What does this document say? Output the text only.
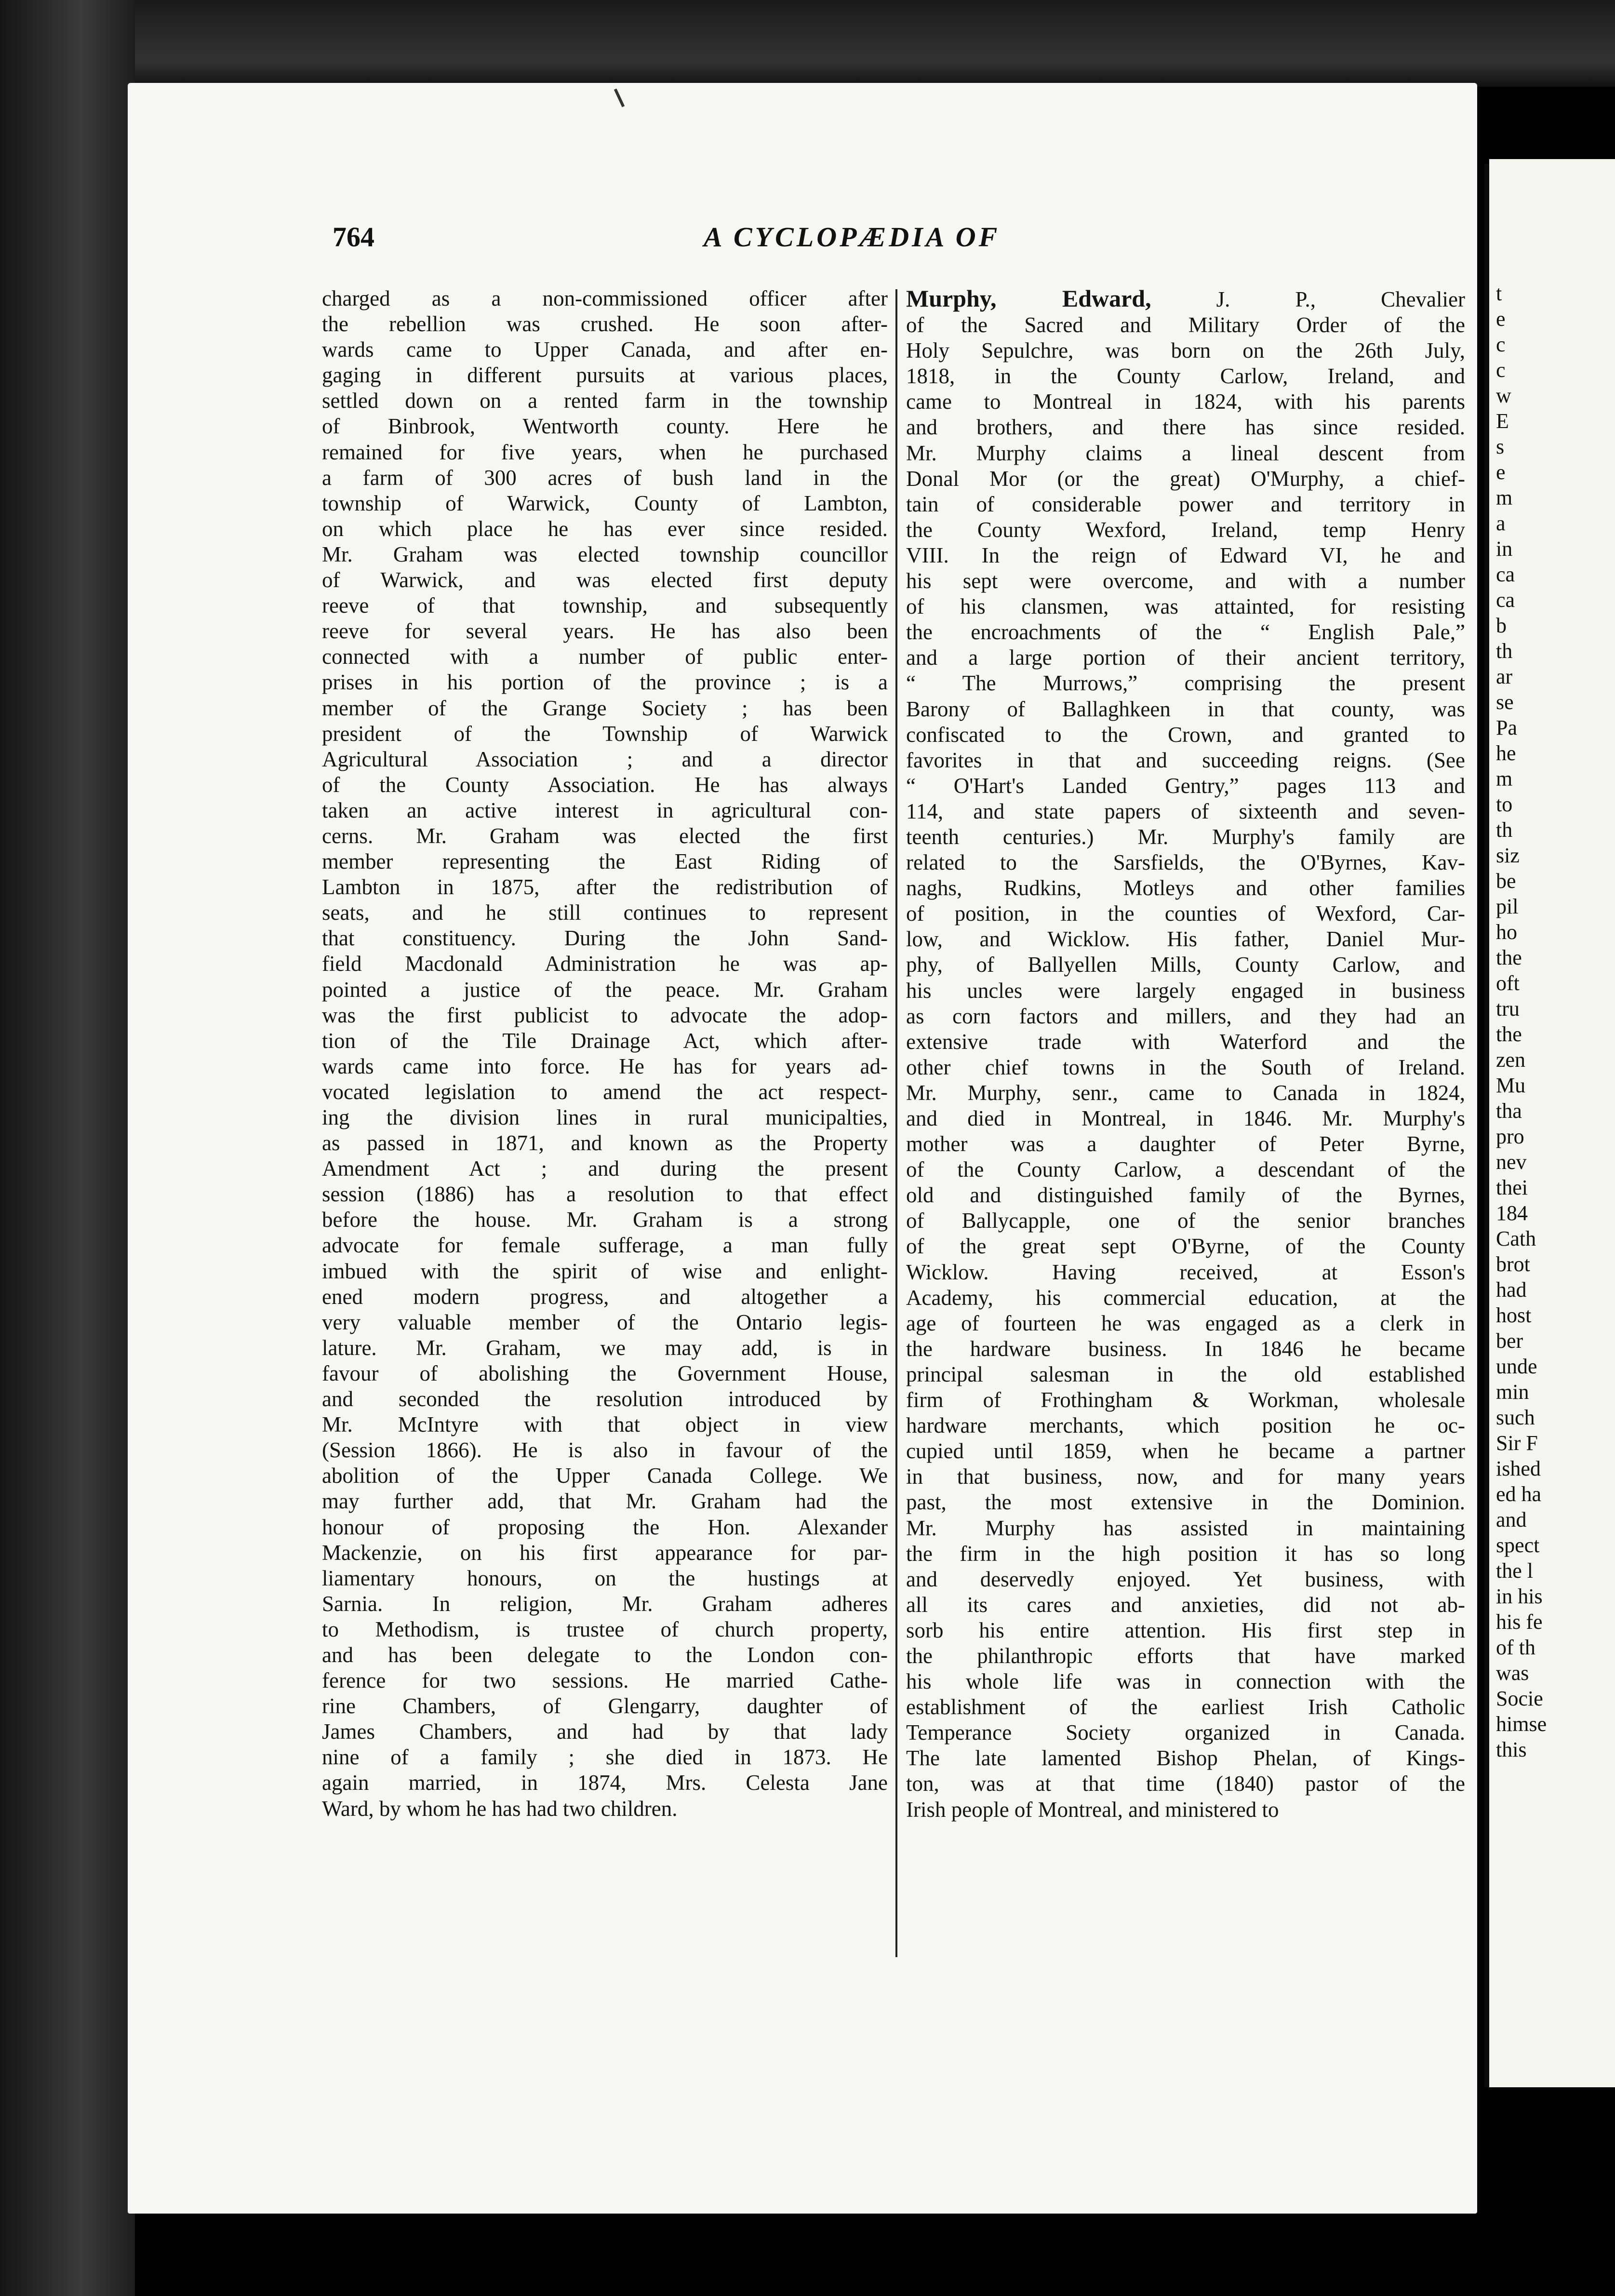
764	A CYCLOPÆDIA OF
charged as a non-commissioned officer after
the rebellion was crushed. He soon after-
wards came to Upper Canada, and after en-
gaging in different pursuits at various places,
settled down on a rented farm in the township
of Binbrook, Wentworth county. Here he
remained for five years, when he purchased
a farm of 300 acres of bush land in the
township of Warwick, County of Lambton,
on which place he has ever since resided.
Mr. Graham was elected township councillor
of Warwick, and was elected first deputy
reeve of that township, and subsequently
reeve for several years. He has also been
connected with a number of public enter-
prises in his portion of the province ; is a
member of the Grange Society ; has been
president of the Township of Warwick
Agricultural Association ; and a director
of the County Association. He has always
taken an active interest in agricultural con-
cerns. Mr. Graham was elected the first
member representing the East Riding of
Lambton in 1875, after the redistribution of
seats, and he still continues to represent
that constituency. During the John Sand-
field Macdonald Administration he was ap-
pointed a justice of the peace. Mr. Graham
was the first publicist to advocate the adop-
tion of the Tile Drainage Act, which after-
wards came into force. He has for years ad-
vocated legislation to amend the act respect-
ing the division lines in rural municipalties,
as passed in 1871, and known as the Property
Amendment Act ; and during the present
session (1886) has a resolution to that effect
before the house. Mr. Graham is a strong
advocate for female sufferage, a man fully
imbued with the spirit of wise and enlight-
ened modern progress, and altogether a
very valuable member of the Ontario legis-
lature. Mr. Graham, we may add, is in
favour of abolishing the Government House,
and seconded the resolution introduced by
Mr. McIntyre with that object in view
(Session 1866). He is also in favour of the
abolition of the Upper Canada College. We
may further add, that Mr. Graham had the
honour of proposing the Hon. Alexander
Mackenzie, on his first appearance for par-
liamentary honours, on the hustings at
Sarnia. In religion, Mr. Graham adheres
to Methodism, is trustee of church property,
and has been delegate to the London con-
ference for two sessions. He married Cathe-
rine Chambers, of Glengarry, daughter of
James Chambers, and had by that lady
nine of a family ; she died in 1873. He
again married, in 1874, Mrs. Celesta Jane
Ward, by whom he has had two children.
Murphy, Edward, J. P., Chevalier
of the Sacred and Military Order of the
Holy Sepulchre, was born on the 26th July,
1818, in the County Carlow, Ireland, and
came to Montreal in 1824, with his parents
and brothers, and there has since resided.
Mr. Murphy claims a lineal descent from
Donal Mor (or the great) O'Murphy, a chief-
tain of considerable power and territory in
the County Wexford, Ireland, temp Henry
VIII. In the reign of Edward VI, he and
his sept were overcome, and with a number
of his clansmen, was attainted, for resisting
the encroachments of the “ English Pale,”
and a large portion of their ancient territory,
“ The Murrows,” comprising the present
Barony of Ballaghkeen in that county, was
confiscated to the Crown, and granted to
favorites in that and succeeding reigns. (See
“ O'Hart's Landed Gentry,” pages 113 and
114, and state papers of sixteenth and seven-
teenth centuries.) Mr. Murphy's family are
related to the Sarsfields, the O'Byrnes, Kav-
naghs, Rudkins, Motleys and other families
of position, in the counties of Wexford, Car-
low, and Wicklow. His father, Daniel Mur-
phy, of Ballyellen Mills, County Carlow, and
his uncles were largely engaged in business
as corn factors and millers, and they had an
extensive trade with Waterford and the
other chief towns in the South of Ireland.
Mr. Murphy, senr., came to Canada in 1824,
and died in Montreal, in 1846. Mr. Murphy's
mother was a daughter of Peter Byrne,
of the County Carlow, a descendant of the
old and distinguished family of the Byrnes,
of Ballycapple, one of the senior branches
of the great sept O'Byrne, of the County
Wicklow. Having received, at Esson's
Academy, his commercial education, at the
age of fourteen he was engaged as a clerk in
the hardware business. In 1846 he became
principal salesman in the old established
firm of Frothingham & Workman, wholesale
hardware merchants, which position he oc-
cupied until 1859, when he became a partner
in that business, now, and for many years
past, the most extensive in the Dominion.
Mr. Murphy has assisted in maintaining
the firm in the high position it has so long
and deservedly enjoyed. Yet business, with
all its cares and anxieties, did not ab-
sorb his entire attention. His first step in
the philanthropic efforts that have marked
his whole life was in connection with the
establishment of the earliest Irish Catholic
Temperance Society organized in Canada.
The late lamented Bishop Phelan, of Kings-
ton, was at that time (1840) pastor of the
Irish people of Montreal, and ministered to

t

e

c

c

w

E

s

e

m

a

in

ca

ca

b

th

ar

se

Pa

he

m

to

th

siz

be

pil

ho

the

oft

tru

the

zen

Mu

tha

pro

nev

thei

184

Cath

brot

had

host

ber

unde

min

such

Sir F

ished

ed ha

and

spect

the l

in his

his fe

of th

was

Socie

himse

this
